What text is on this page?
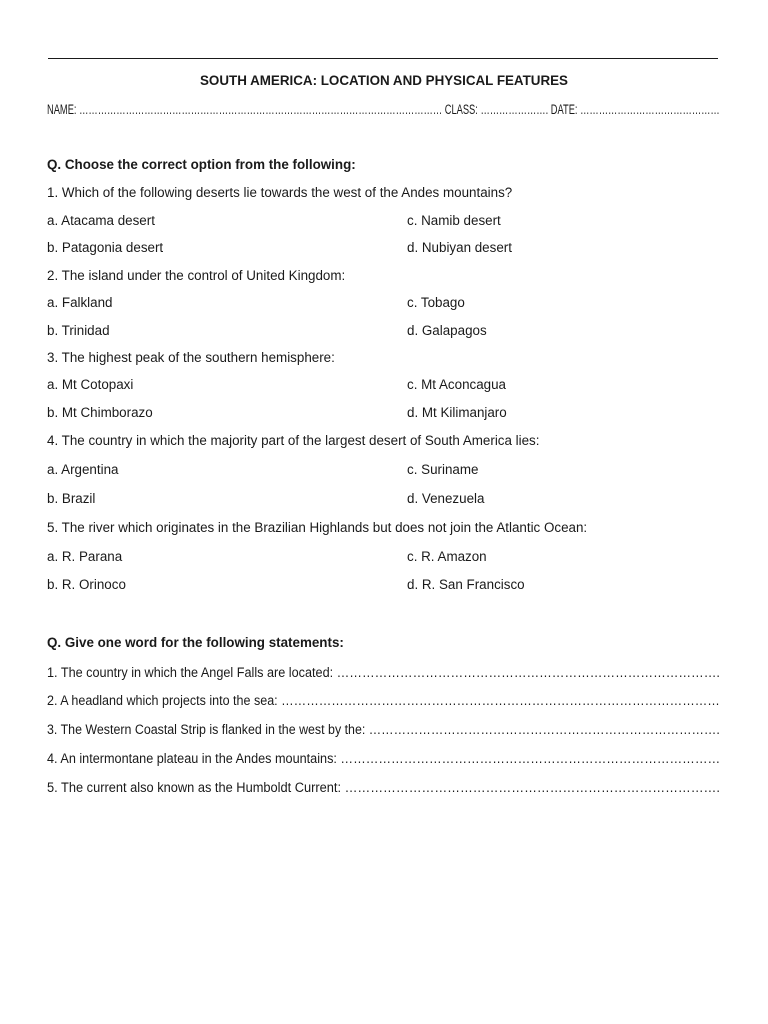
SOUTH AMERICA: LOCATION AND PHYSICAL FEATURES
NAME: ……………………………………………………………………………………………………… CLASS: …………………. DATE: ………………………………………
Q. Choose the correct option from the following:
1. Which of the following deserts lie towards the west of the Andes mountains?
a. Atacama desert	c. Namib desert
b. Patagonia desert	d. Nubiyan desert
2. The island under the control of United Kingdom:
a. Falkland	c. Tobago
b. Trinidad	d. Galapagos
3. The highest peak of the southern hemisphere:
a. Mt Cotopaxi	c. Mt Aconcagua
b. Mt Chimborazo	d. Mt Kilimanjaro
4. The country in which the majority part of the largest desert of South America lies:
a. Argentina	c. Suriname
b. Brazil	d. Venezuela
5. The river which originates in the Brazilian Highlands but does not join the Atlantic Ocean:
a. R. Parana	c. R. Amazon
b. R. Orinoco	d. R. San Francisco
Q. Give one word for the following statements:
1. The country in which the Angel Falls are located: ……………………………………………………………………………….
2. A headland which projects into the sea: ……………………………………………………………………………………………
3. The Western Coastal Strip is flanked in the west by the: ………………………………………………………………………….
4. An intermontane plateau in the Andes mountains: ………………………………………………………………………………
5. The current also known as the Humboldt Current: …………………………………………………………………………….
